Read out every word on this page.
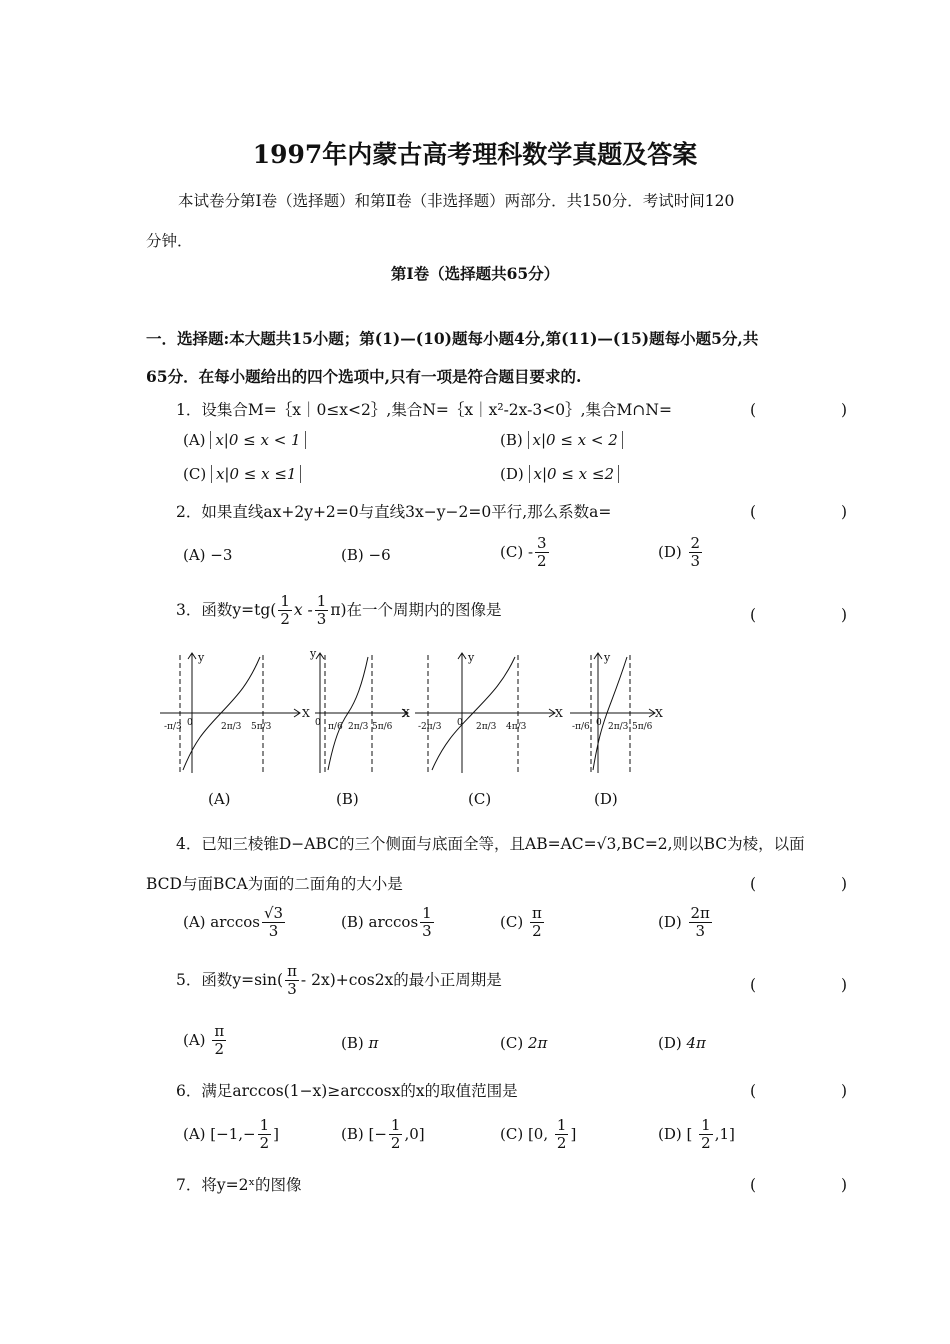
1997年内蒙古高考理科数学真题及答案
本试卷分第Ⅰ卷（选择题）和第Ⅱ卷（非选择题）两部分．共150分．考试时间120
分钟．
第Ⅰ卷（选择题共65分）
一．选择题:本大题共15小题；第(1)—(10)题每小题4分,第(11)—(15)题每小题5分,共
65分．在每小题给出的四个选项中,只有一项是符合题目要求的.
1．设集合M=｛x｜0≤x<2｝,集合N=｛x｜x²-2x-3<0｝,集合M∩N=	(　　)
(A) x|0 ≤ x < 1	(B) x|0 ≤ x < 2
(C) x|0 ≤ x ≤1	(D) x|0 ≤ x ≤2
2．如果直线ax+2y+2=0与直线3x−y−2=0平行,那么系数a=	(　　)
(A) −3	(B) −6	$(C) - \frac{3}{2}$	$(D) \frac{2}{3}$
3．函数$y=tg( \frac{1}{2}$ x - $\frac{1}{3} \pi$)在一个周期内的图像是	(　　)
X
y
X
y
X
y
X
y
-π/3 0	2π/3 5π/3	0 π/6 2π/3 5π/6	-2π/3 0 2π/3 4π/3	-π/6 0 2π/3 5π/6
(A)	(B)	(C)	(D)
4．已知三棱锥D−ABC的三个侧面与底面全等，且AB=AC=√3,BC=2,则以BC为棱，以面
BCD与面BCA为面的二面角的大小是	(　　)
(A) $\arccos \frac{√3}{3}$	(B) $\arccos \frac{1}{3}$	$(C) \frac{\pi}{2}$	$(D) \frac{2\pi}{3}$
5．函数$y=\sin( \frac{\pi}{3} - 2x)+\cos 2x$的最小正周期是	(　　)
$(A) \frac{\pi}{2}$	(B) π	(C) 2π	(D) 4π
6．满足arccos(1−x)≥arccosx的x的取值范围是	(　　)
(A) [$-1,- \frac{1}{2}$ ]	(B) [− $\frac{1}{2} ,0$]	(C) [0, $\frac{1}{2}$ ]	(D) [ $\frac{1}{2} ,1$]
7．将y=2ˣ的图像	(　　)
